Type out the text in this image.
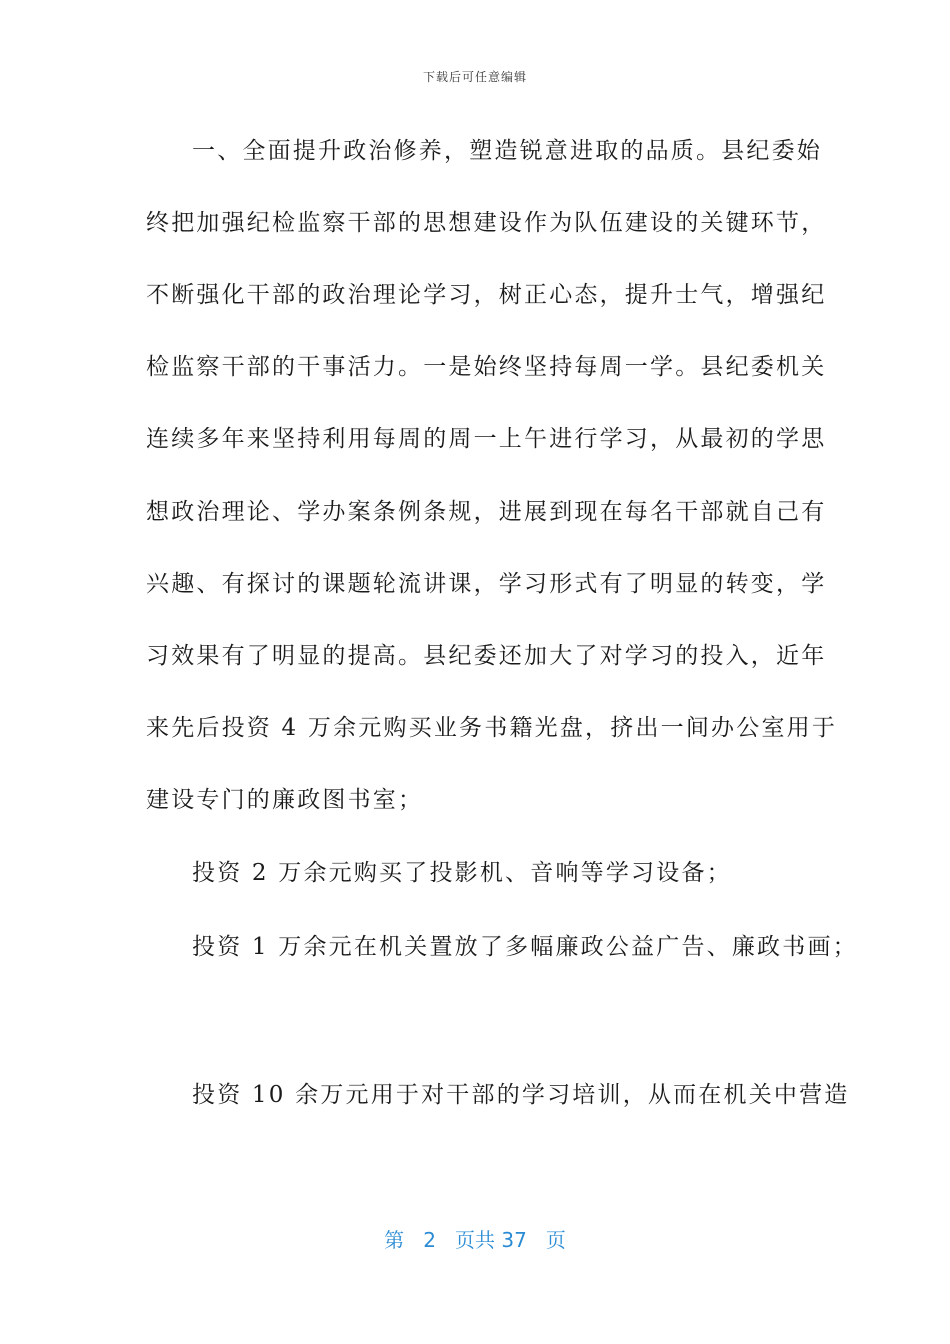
下载后可任意编辑
一、全面提升政治修养，塑造锐意进取的品质。县纪委始
终把加强纪检监察干部的思想建设作为队伍建设的关键环节，
不断强化干部的政治理论学习，树正心态，提升士气，增强纪
检监察干部的干事活力。一是始终坚持每周一学。县纪委机关
连续多年来坚持利用每周的周一上午进行学习，从最初的学思
想政治理论、学办案条例条规，进展到现在每名干部就自己有
兴趣、有探讨的课题轮流讲课，学习形式有了明显的转变，学
习效果有了明显的提高。县纪委还加大了对学习的投入，近年
来先后投资 4 万余元购买业务书籍光盘，挤出一间办公室用于
建设专门的廉政图书室；
投资 2 万余元购买了投影机、音响等学习设备；
投资 1 万余元在机关置放了多幅廉政公益广告、廉政书画；
投资 10 余万元用于对干部的学习培训，从而在机关中营造
第 2 页共 37 页
